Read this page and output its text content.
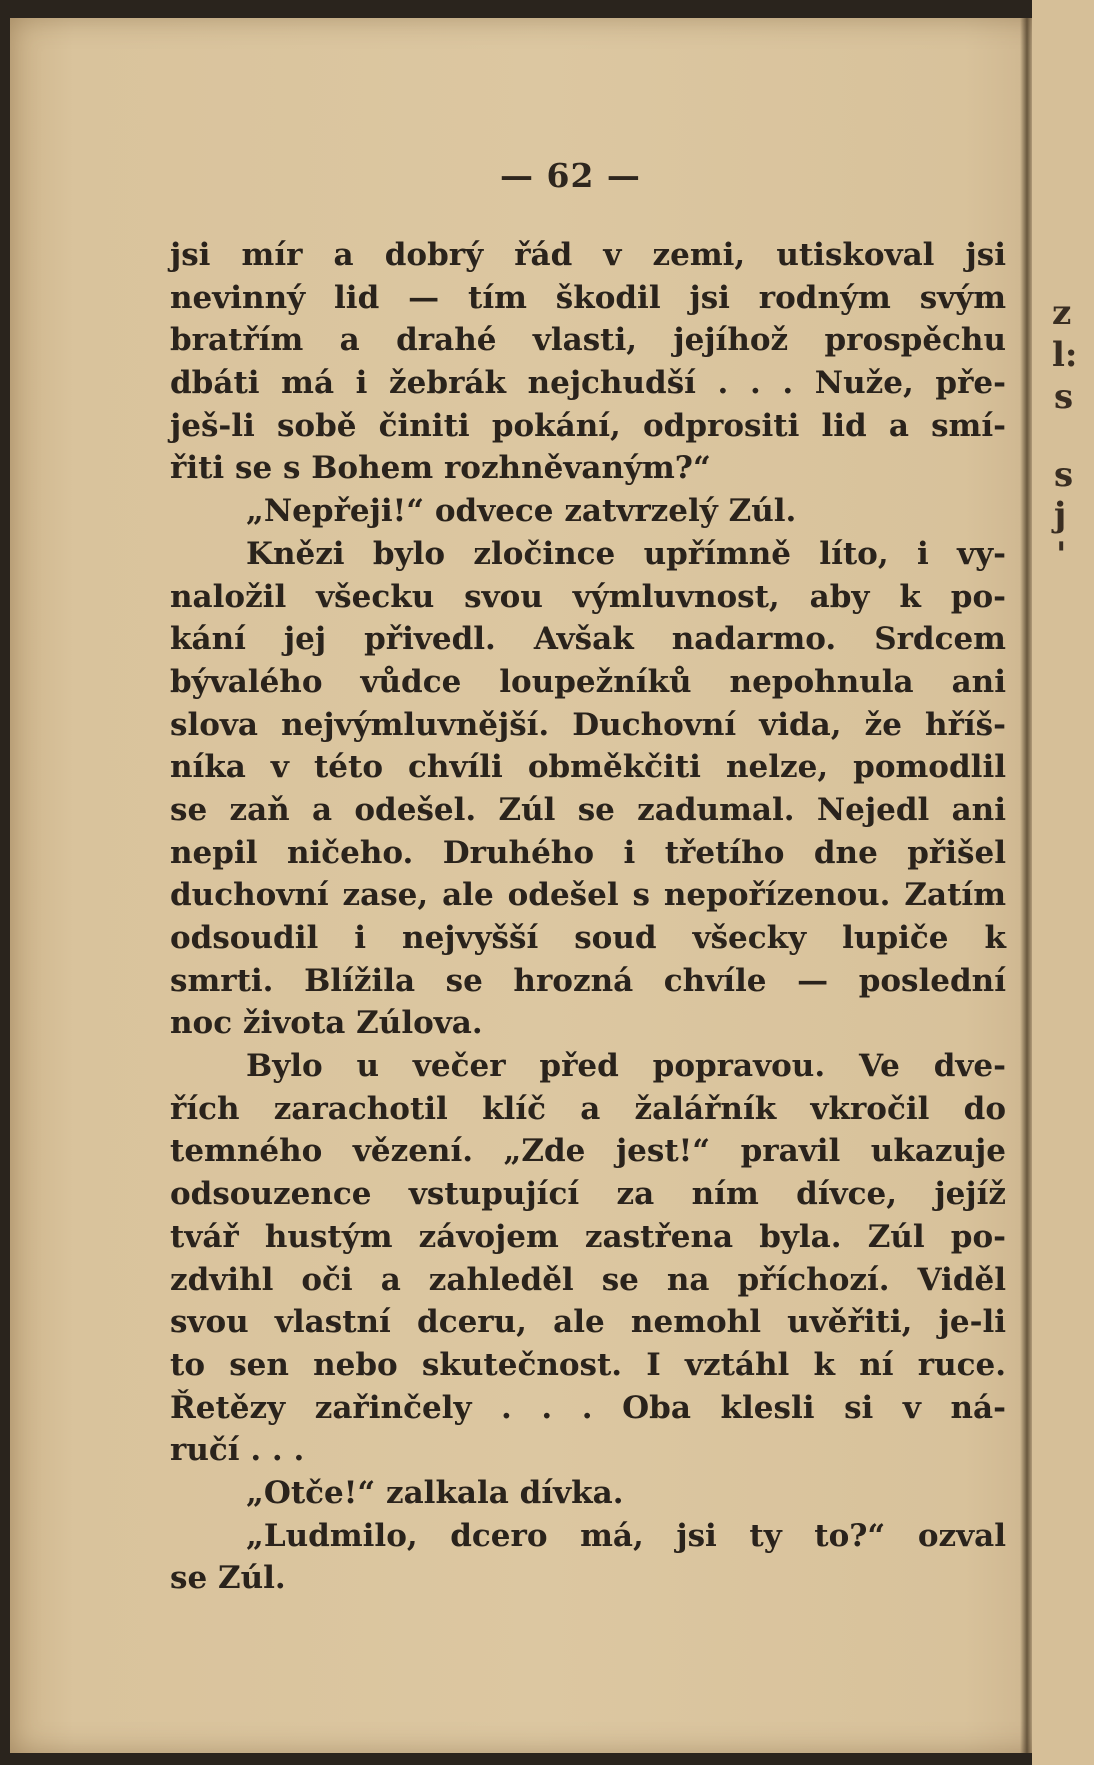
— 62 —
jsi mír a dobrý řád v zemi, utiskoval jsi
nevinný lid — tím škodil jsi rodným svým
bratřím a drahé vlasti, jejíhož prospěchu
dbáti má i žebrák nejchudší . . . Nuže, pře-
ješ-li sobě činiti pokání, odprositi lid a smí-
řiti se s Bohem rozhněvaným?“
„Nepřeji!“ odvece zatvrzelý Zúl.
Knězi bylo zločince upřímně líto, i vy-
naložil všecku svou výmluvnost, aby k po-
kání jej přivedl. Avšak nadarmo. Srdcem
bývalého vůdce loupežníků nepohnula ani
slova nejvýmluvnější. Duchovní vida, že hříš-
níka v této chvíli obměkčiti nelze, pomodlil
se zaň a odešel. Zúl se zadumal. Nejedl ani
nepil ničeho. Druhého i třetího dne přišel
duchovní zase, ale odešel s nepořízenou. Zatím
odsoudil i nejvyšší soud všecky lupiče k
smrti. Blížila se hrozná chvíle — poslední
noc života Zúlova.
Bylo u večer před popravou. Ve dve-
řích zarachotil klíč a žalářník vkročil do
temného vězení. „Zde jest!“ pravil ukazuje
odsouzence vstupující za ním dívce, jejíž
tvář hustým závojem zastřena byla. Zúl po-
zdvihl oči a zahleděl se na příchozí. Viděl
svou vlastní dceru, ale nemohl uvěřiti, je-li
to sen nebo skutečnost. I vztáhl k ní ruce.
Řetězy zařinčely . . . Oba klesli si v ná-
ručí . . .
„Otče!“ zalkala dívka.
„Ludmilo, dcero má, jsi ty to?“ ozval
se Zúl.
z
l:
s
s
j
'
